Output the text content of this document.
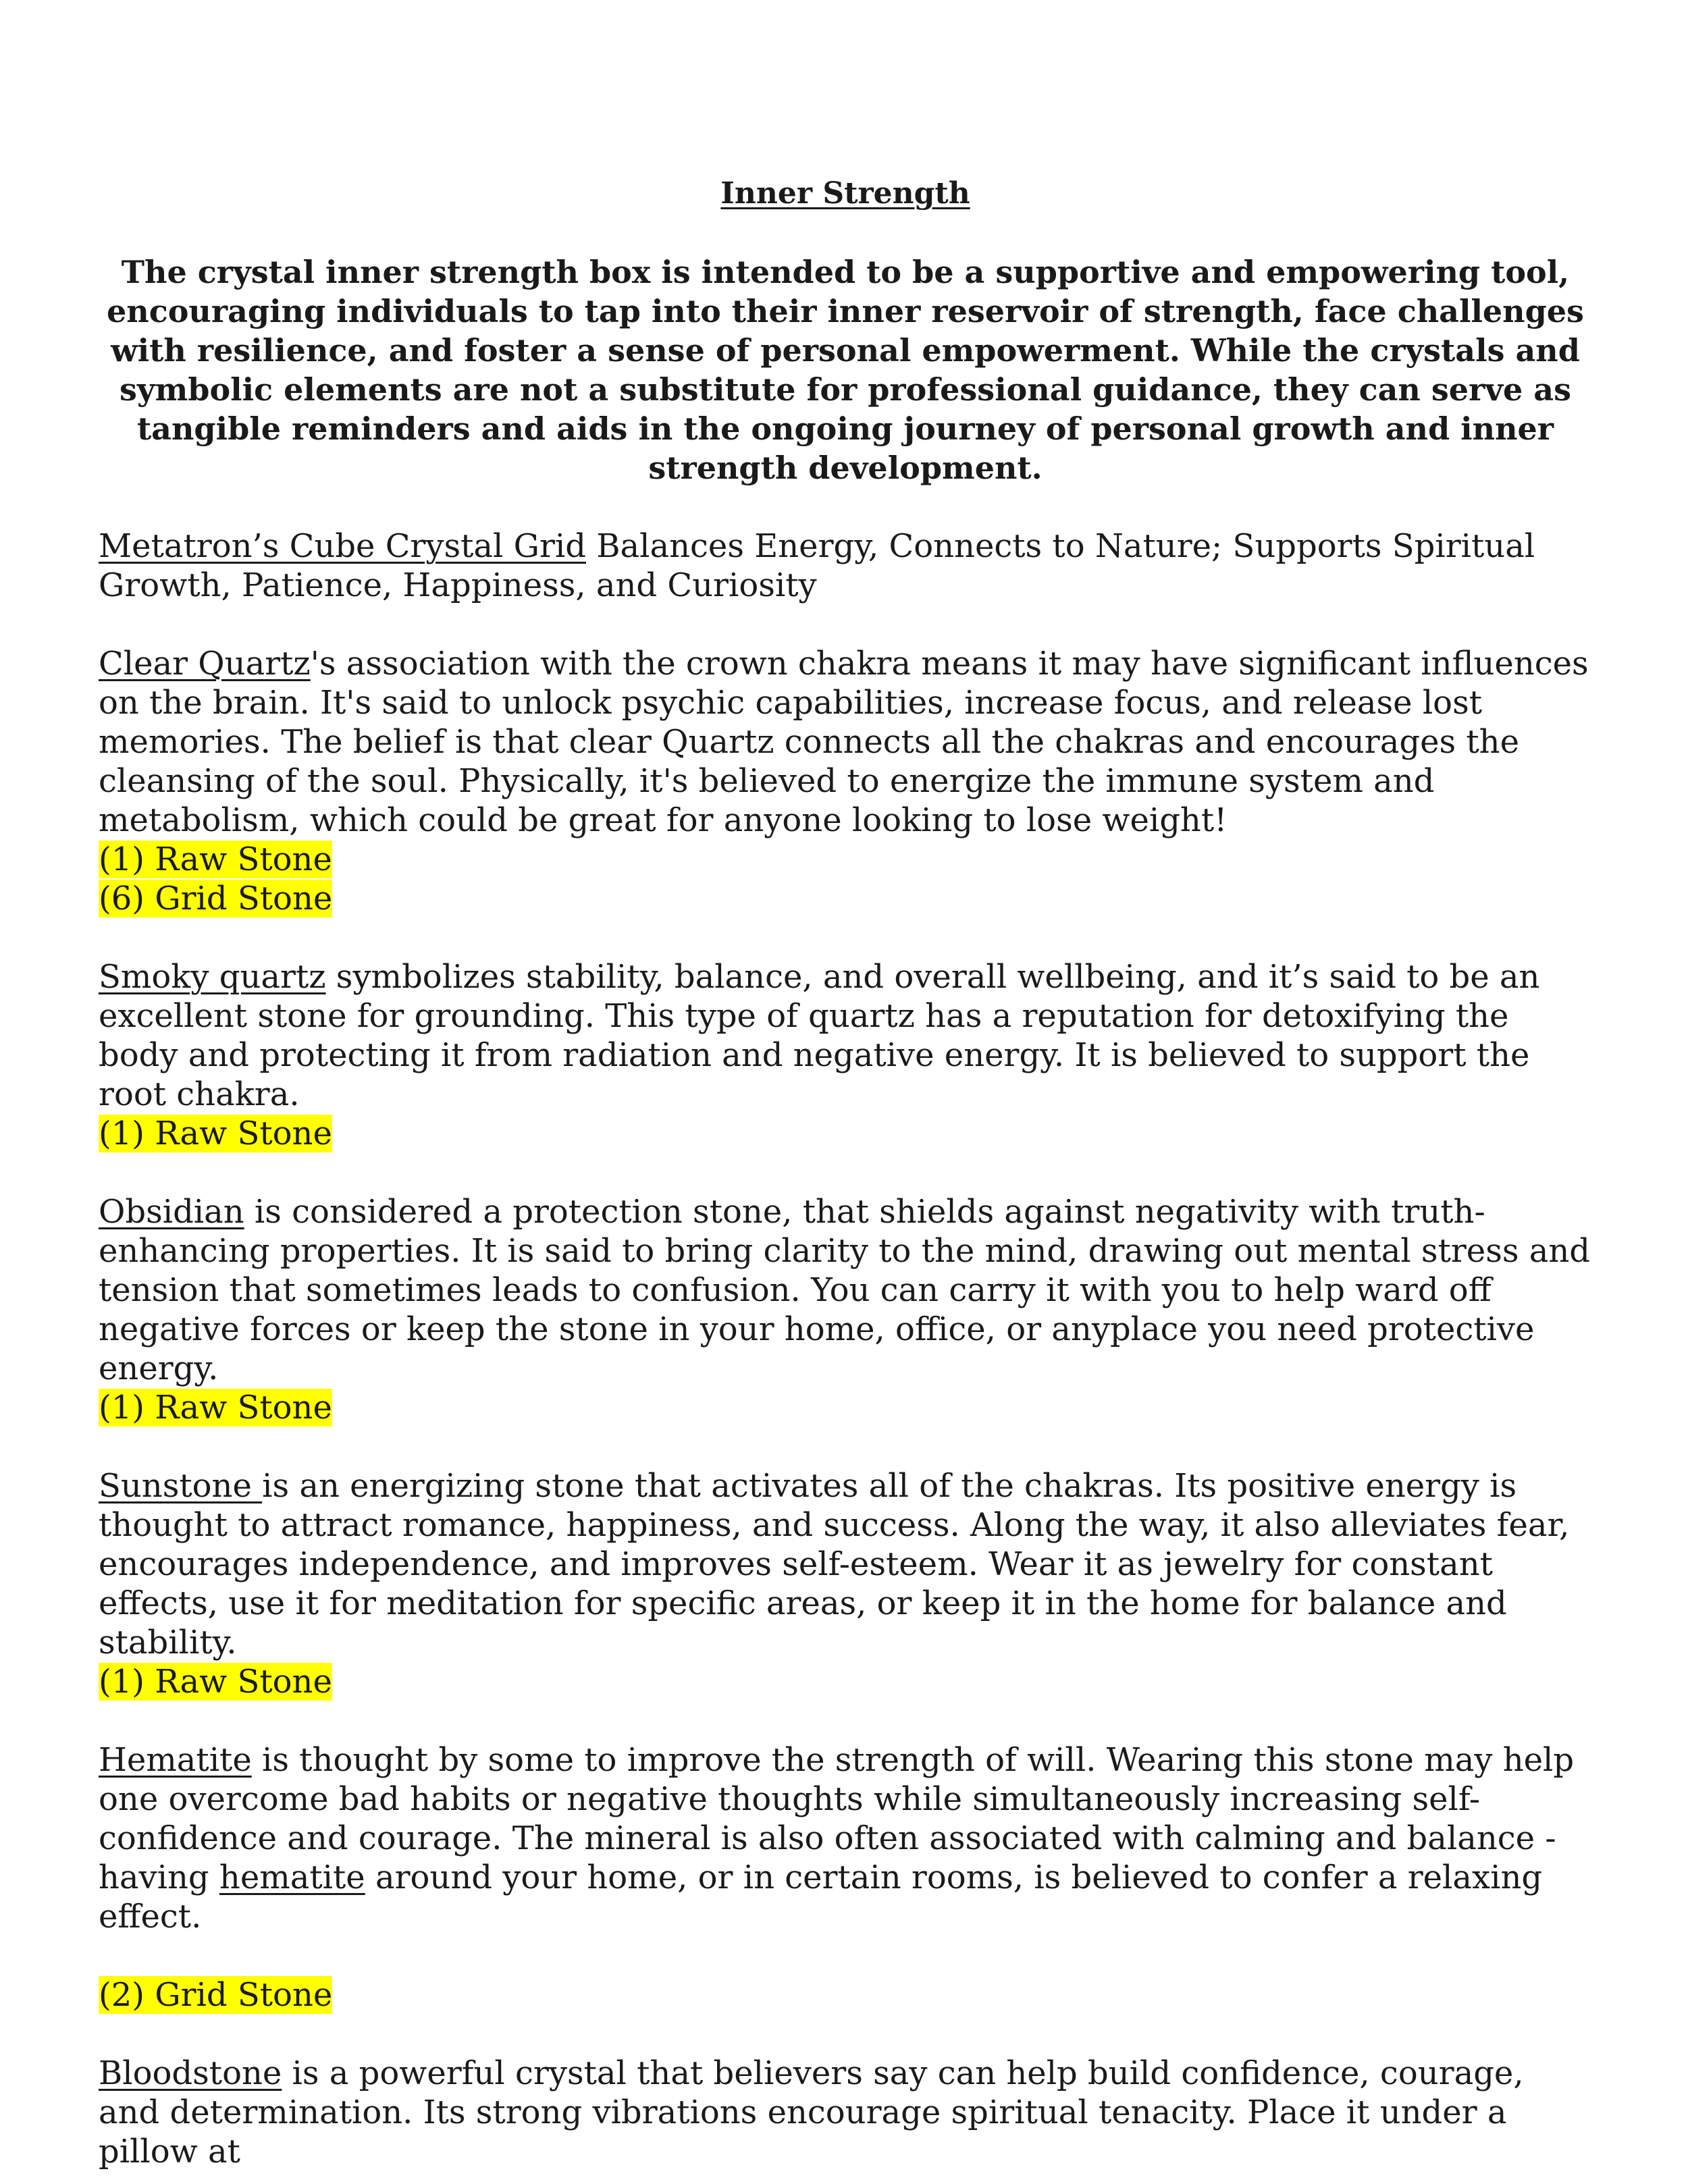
Inner Strength

The crystal inner strength box is intended to be a supportive and empowering tool, encouraging individuals to tap into their inner reservoir of strength, face challenges with resilience, and foster a sense of personal empowerment. While the crystals and symbolic elements are not a substitute for professional guidance, they can serve as tangible reminders and aids in the ongoing journey of personal growth and inner strength development.

Metatron’s Cube Crystal Grid Balances Energy, Connects to Nature; Supports Spiritual Growth, Patience, Happiness, and Curiosity

Clear Quartz's association with the crown chakra means it may have significant influences on the brain. It's said to unlock psychic capabilities, increase focus, and release lost memories. The belief is that clear Quartz connects all the chakras and encourages the cleansing of the soul. Physically, it's believed to energize the immune system and metabolism, which could be great for anyone looking to lose weight!
(1) Raw Stone
(6) Grid Stone

Smoky quartz symbolizes stability, balance, and overall wellbeing, and it’s said to be an excellent stone for grounding. This type of quartz has a reputation for detoxifying the body and protecting it from radiation and negative energy. It is believed to support the root chakra.
(1) Raw Stone

Obsidian is considered a protection stone, that shields against negativity with truth-enhancing properties. It is said to bring clarity to the mind, drawing out mental stress and tension that sometimes leads to confusion. You can carry it with you to help ward off negative forces or keep the stone in your home, office, or anyplace you need protective energy.
(1) Raw Stone

Sunstone is an energizing stone that activates all of the chakras. Its positive energy is thought to attract romance, happiness, and success. Along the way, it also alleviates fear, encourages independence, and improves self-esteem. Wear it as jewelry for constant effects, use it for meditation for specific areas, or keep it in the home for balance and stability.
(1) Raw Stone

Hematite is thought by some to improve the strength of will. Wearing this stone may help one overcome bad habits or negative thoughts while simultaneously increasing self-confidence and courage. The mineral is also often associated with calming and balance - having hematite around your home, or in certain rooms, is believed to confer a relaxing effect.
(2) Grid Stone

Bloodstone is a powerful crystal that believers say can help build confidence, courage, and determination. Its strong vibrations encourage spiritual tenacity. Place it under a pillow at
